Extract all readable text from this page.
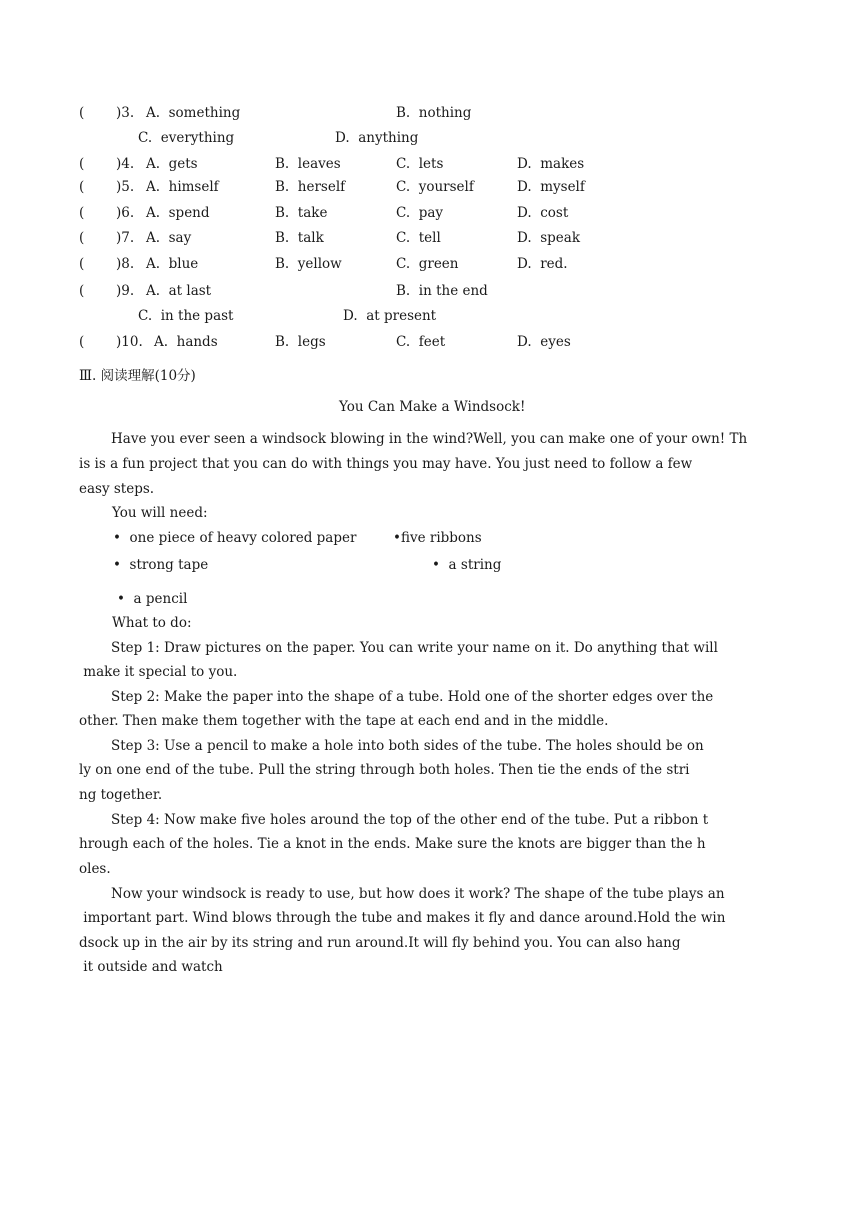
( )3. A.  something	B.  nothing
C.  everything	D.  anything
( )4. A.  gets	B.  leaves	C.  lets	D.  makes
( )5. A.  himself	B.  herself	C.  yourself	D.  myself
( )6. A.  spend	B.  take	C.  pay	D.  cost
( )7. A.  say	B.  talk	C.  tell	D.  speak
( )8. A.  blue	B.  yellow	C.  green	D.  red.
( )9. A.  at last	B.  in the end
C.  in the past	D.  at present
( )10. A.  hands	B.  legs	C.  feet	D.  eyes
Ⅲ. 阅读理解(10分)
You Can Make a Windsock!
Have you ever seen a windsock blowing in the wind?Well, you can make one of your own! Th
is is a fun project that you can do with things you may have. You just need to follow a few
easy steps.
You will need:
•  one piece of heavy colored paper	•five ribbons
•  strong tape	•  a string
•  a pencil
What to do:
Step 1: Draw pictures on the paper. You can write your name on it. Do anything that will
make it special to you.
Step 2: Make the paper into the shape of a tube. Hold one of the shorter edges over the
other. Then make them together with the tape at each end and in the middle.
Step 3: Use a pencil to make a hole into both sides of the tube. The holes should be on
ly on one end of the tube. Pull the string through both holes. Then tie the ends of the stri
ng together.
Step 4: Now make five holes around the top of the other end of the tube. Put a ribbon t
hrough each of the holes. Tie a knot in the ends. Make sure the knots are bigger than the h
oles.
Now your windsock is ready to use, but how does it work? The shape of the tube plays an
important part. Wind blows through the tube and makes it fly and dance around.Hold the win
dsock up in the air by its string and run around.It will fly behind you. You can also hang
it outside and watch
